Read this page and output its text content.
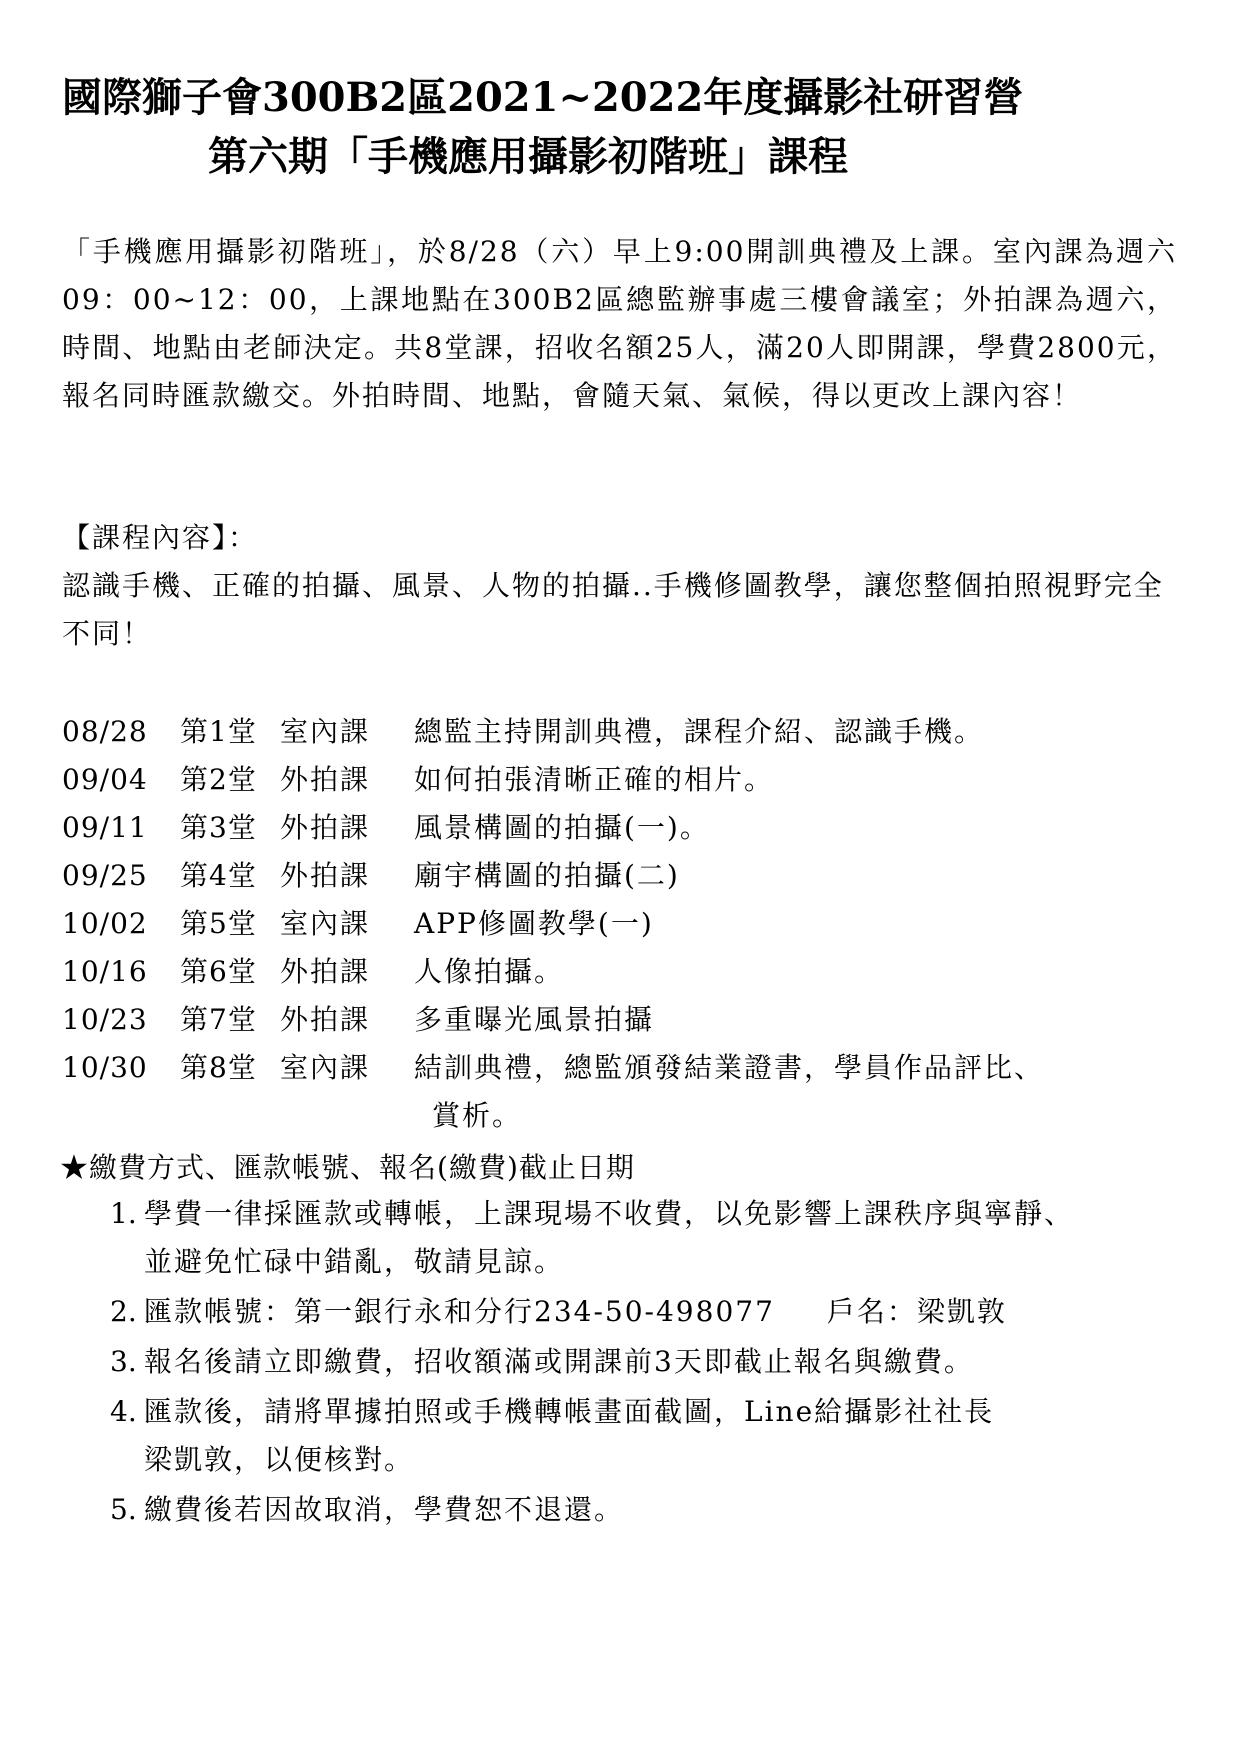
國際獅子會300B2區2021~2022年度攝影社研習營
第六期「手機應用攝影初階班」課程
「手機應用攝影初階班」，於8/28（六）早上9:00開訓典禮及上課。室內課為週六09：00~12：00，上課地點在300B2區總監辦事處三樓會議室；外拍課為週六，時間、地點由老師決定。共8堂課，招收名額25人，滿20人即開課，學費2800元，報名同時匯款繳交。外拍時間、地點，會隨天氣、氣候，得以更改上課內容！
【課程內容】：
認識手機、正確的拍攝、風景、人物的拍攝..手機修圖教學，讓您整個拍照視野完全不同！
08/28 第1堂 室內課 總監主持開訓典禮，課程介紹、認識手機。
09/04 第2堂 外拍課 如何拍張清晰正確的相片。
09/11 第3堂 外拍課 風景構圖的拍攝(一)。
09/25 第4堂 外拍課 廟宇構圖的拍攝(二)
10/02 第5堂 室內課 APP修圖教學(一)
10/16 第6堂 外拍課 人像拍攝。
10/23 第7堂 外拍課 多重曝光風景拍攝
10/30 第8堂 室內課 結訓典禮，總監頒發結業證書，學員作品評比、
賞析。
★繳費方式、匯款帳號、報名(繳費)截止日期
1. 學費一律採匯款或轉帳，上課現場不收費，以免影響上課秩序與寧靜、
並避免忙碌中錯亂，敬請見諒。
2. 匯款帳號：第一銀行永和分行234-50-498077 戶名：梁凱敦
3. 報名後請立即繳費，招收額滿或開課前3天即截止報名與繳費。
4. 匯款後，請將單據拍照或手機轉帳畫面截圖，Line給攝影社社長
梁凱敦，以便核對。
5. 繳費後若因故取消，學費恕不退還。
